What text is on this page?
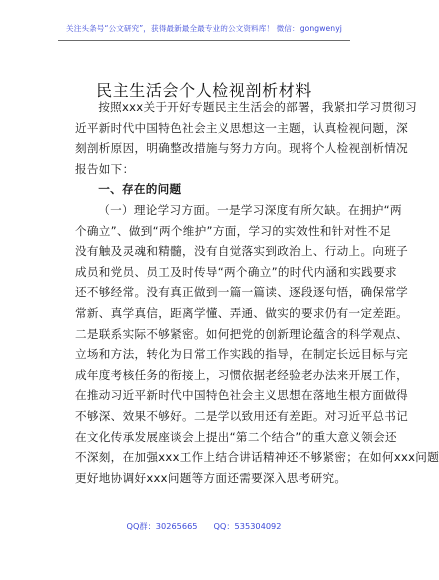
关注头条号“公文研究”，获得最新最全最专业的公文资料库！ 微信：gongwenyj
民主生活会个人检视剖析材料

按照xxx关于开好专题民主生活会的部署，我紧扣学习贯彻习
近平新时代中国特色社会主义思想这一主题，认真检视问题，深
刻剖析原因，明确整改措施与努力方向。现将个人检视剖析情况
报告如下：

一、存在的问题

（一）理论学习方面。一是学习深度有所欠缺。在拥护“两
个确立”、做到“两个维护”方面，学习的实效性和针对性不足
没有触及灵魂和精髓，没有自觉落实到政治上、行动上。向班子
成员和党员、员工及时传导“两个确立”的时代内涵和实践要求
还不够经常。没有真正做到一篇一篇读、逐段逐句悟，确保常学
常新、真学真信，距离学懂、弄通、做实的要求仍有一定差距。
二是联系实际不够紧密。如何把党的创新理论蕴含的科学观点、
立场和方法，转化为日常工作实践的指导，在制定长远目标与完
成年度考核任务的衔接上，习惯依据老经验老办法来开展工作，
在推动习近平新时代中国特色社会主义思想在落地生根方面做得
不够深、效果不够好。二是学以致用还有差距。对习近平总书记
在文化传承发展座谈会上提出“第二个结合”的重大意义领会还
不深刻，在加强xxx工作上结合讲话精神还不够紧密；在如何xxx问题
更好地协调好xxx问题等方面还需要深入思考研究。

QQ群：30265665 QQ：535304092
